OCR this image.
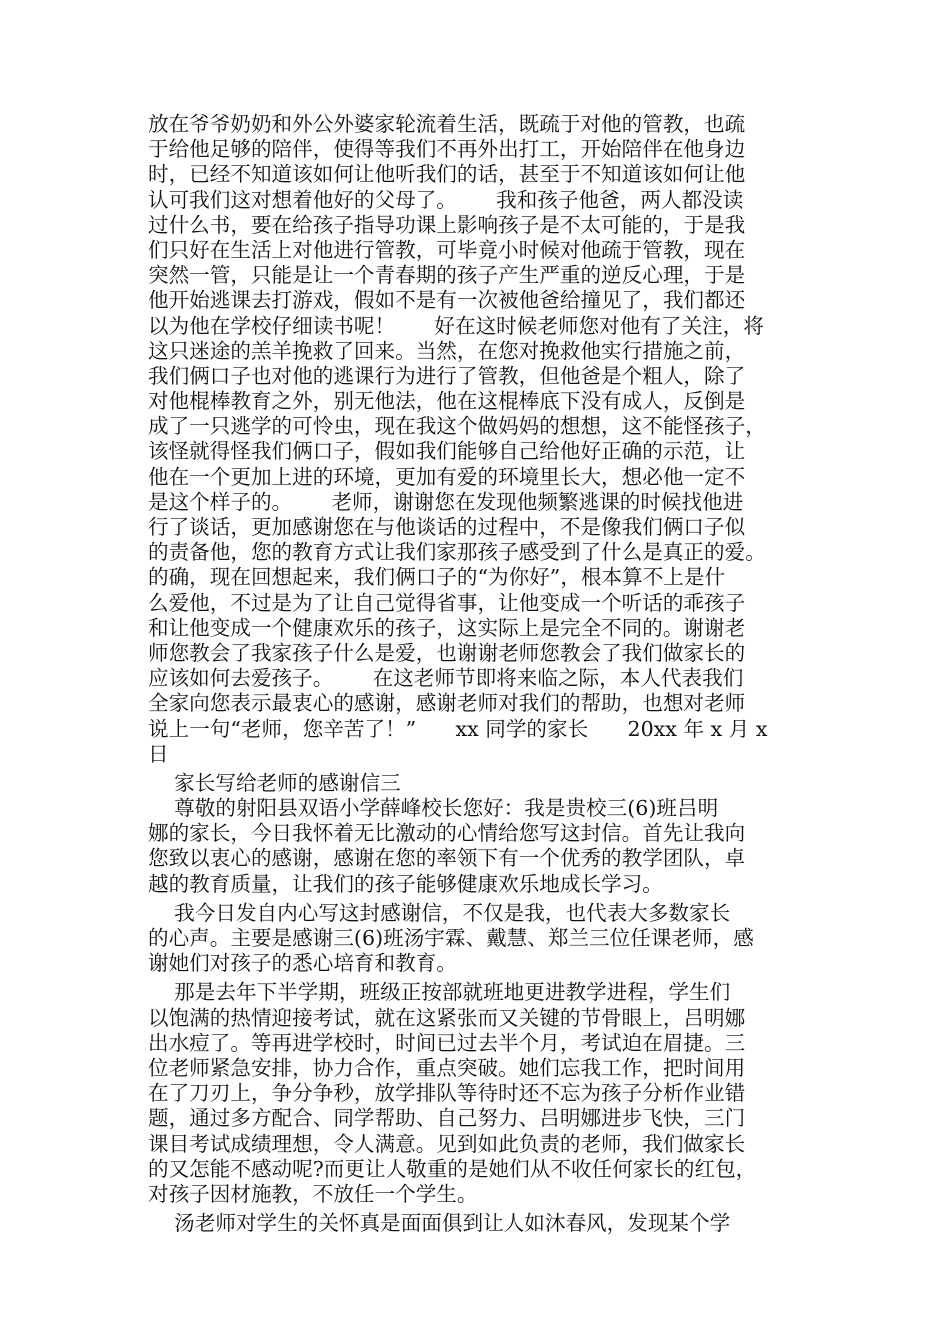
放在爷爷奶奶和外公外婆家轮流着生活，既疏于对他的管教，也疏
于给他足够的陪伴，使得等我们不再外出打工，开始陪伴在他身边
时，已经不知道该如何让他听我们的话，甚至于不知道该如何让他
认可我们这对想着他好的父母了。      我和孩子他爸，两人都没读
过什么书，要在给孩子指导功课上影响孩子是不太可能的，于是我
们只好在生活上对他进行管教，可毕竟小时候对他疏于管教，现在
突然一管，只能是让一个青春期的孩子产生严重的逆反心理，于是
他开始逃课去打游戏，假如不是有一次被他爸给撞见了，我们都还
以为他在学校仔细读书呢！      好在这时候老师您对他有了关注，将
这只迷途的羔羊挽救了回来。当然，在您对挽救他实行措施之前，
我们俩口子也对他的逃课行为进行了管教，但他爸是个粗人，除了
对他棍棒教育之外，别无他法，他在这棍棒底下没有成人，反倒是
成了一只逃学的可怜虫，现在我这个做妈妈的想想，这不能怪孩子，
该怪就得怪我们俩口子，假如我们能够自己给他好正确的示范，让
他在一个更加上进的环境，更加有爱的环境里长大，想必他一定不
是这个样子的。      老师，谢谢您在发现他频繁逃课的时候找他进
行了谈话，更加感谢您在与他谈话的过程中，不是像我们俩口子似
的责备他，您的教育方式让我们家那孩子感受到了什么是真正的爱。
的确，现在回想起来，我们俩口子的“为你好”，根本算不上是什
么爱他，不过是为了让自己觉得省事，让他变成一个听话的乖孩子
和让他变成一个健康欢乐的孩子，这实际上是完全不同的。谢谢老
师您教会了我家孩子什么是爱，也谢谢老师您教会了我们做家长的
应该如何去爱孩子。      在这老师节即将来临之际，本人代表我们
全家向您表示最衷心的感谢，感谢老师对我们的帮助，也想对老师
说上一句“老师，您辛苦了！”      xx 同学的家长      20xx 年 x 月 x
日
家长写给老师的感谢信三
尊敬的射阳县双语小学薛峰校长您好：我是贵校三(6)班吕明
娜的家长，今日我怀着无比激动的心情给您写这封信。首先让我向
您致以衷心的感谢，感谢在您的率领下有一个优秀的教学团队，卓
越的教育质量，让我们的孩子能够健康欢乐地成长学习。
我今日发自内心写这封感谢信，不仅是我，也代表大多数家长
的心声。主要是感谢三(6)班汤宇霖、戴慧、郑兰三位任课老师，感
谢她们对孩子的悉心培育和教育。
那是去年下半学期，班级正按部就班地更进教学进程，学生们
以饱满的热情迎接考试，就在这紧张而又关键的节骨眼上，吕明娜
出水痘了。等再进学校时，时间已过去半个月，考试迫在眉捷。三
位老师紧急安排，协力合作，重点突破。她们忘我工作，把时间用
在了刀刃上，争分争秒，放学排队等待时还不忘为孩子分析作业错
题，通过多方配合、同学帮助、自己努力、吕明娜进步飞快，三门
课目考试成绩理想，令人满意。见到如此负责的老师，我们做家长
的又怎能不感动呢?而更让人敬重的是她们从不收任何家长的红包，
对孩子因材施教，不放任一个学生。
汤老师对学生的关怀真是面面俱到让人如沐春风，发现某个学
